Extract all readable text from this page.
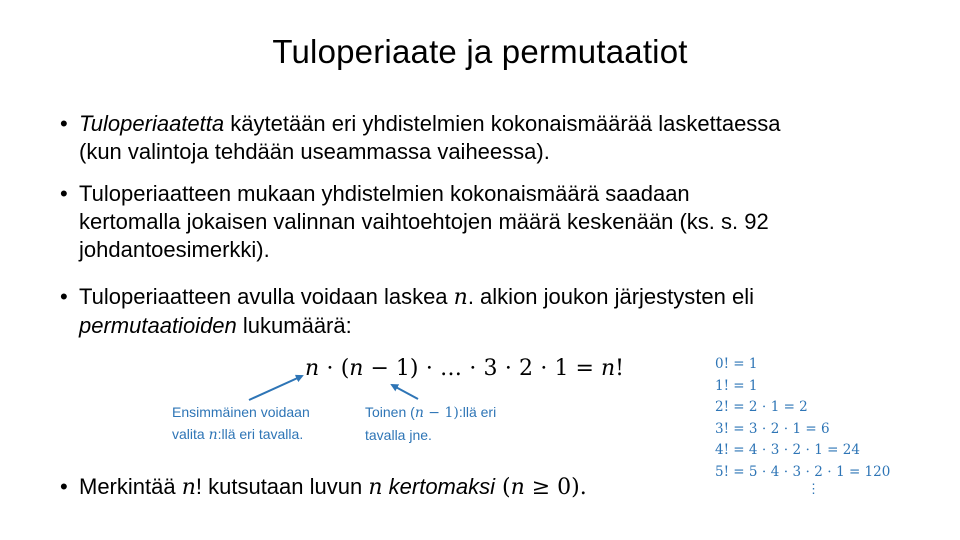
Tuloperiaate ja permutaatiot
• Tuloperiaatetta käytetään eri yhdistelmien kokonaismäärää laskettaessa
(kun valintoja tehdään useammassa vaiheessa).
• Tuloperiaatteen mukaan yhdistelmien kokonaismäärä saadaan
kertomalla jokaisen valinnan vaihtoehtojen määrä keskenään (ks. s. 92
johdantoesimerkki).
• Tuloperiaatteen avulla voidaan laskea n. alkion joukon järjestysten eli
permutaatioiden lukumäärä:
n ⋅ (n − 1) ⋅ … ⋅ 3 ⋅ 2 ⋅ 1 = n!
Ensimmäinen voidaan
valita n:llä eri tavalla.
Toinen (n − 1):llä eri
tavalla jne.
0! = 1
1! = 1
2! = 2 ⋅ 1 = 2
3! = 3 ⋅ 2 ⋅ 1 = 6
4! = 4 ⋅ 3 ⋅ 2 ⋅ 1 = 24
5! = 5 ⋅ 4 ⋅ 3 ⋅ 2 ⋅ 1 = 120
⋮
• Merkintää n! kutsutaan luvun n kertomaksi (n ≥ 0).
